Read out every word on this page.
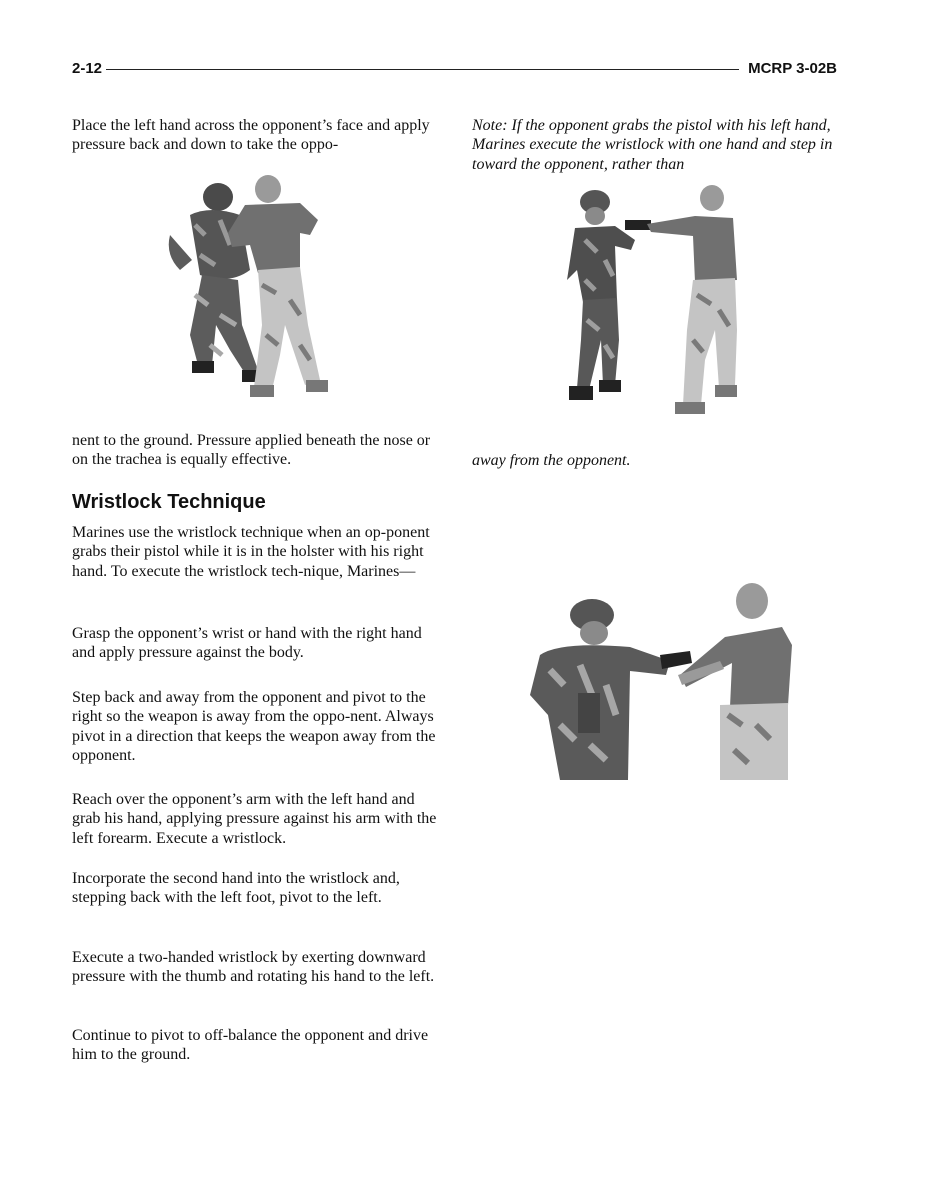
2-12	MCRP 3-02B

Place the left hand across the opponent’s face and apply pressure back and down to take the oppo-

nent to the ground. Pressure applied beneath the nose or on the trachea is equally effective.

Wristlock Technique

Marines use the wristlock technique when an op-ponent grabs their pistol while it is in the holster with his right hand. To execute the wristlock tech-nique, Marines—

Grasp the opponent’s wrist or hand with the right hand and apply pressure against the body.

Step back and away from the opponent and pivot to the right so the weapon is away from the oppo-nent. Always pivot in a direction that keeps the weapon away from the opponent.

Reach over the opponent’s arm with the left hand and grab his hand, applying pressure against his arm with the left forearm. Execute a wristlock.

Incorporate the second hand into the wristlock and, stepping back with the left foot, pivot to the left.

Execute a two-handed wristlock by exerting downward pressure with the thumb and rotating his hand to the left.

Continue to pivot to off-balance the opponent and drive him to the ground.

Note: If the opponent grabs the pistol with his left hand, Marines execute the wristlock with one hand and step in toward the opponent, rather than

away from the opponent.
